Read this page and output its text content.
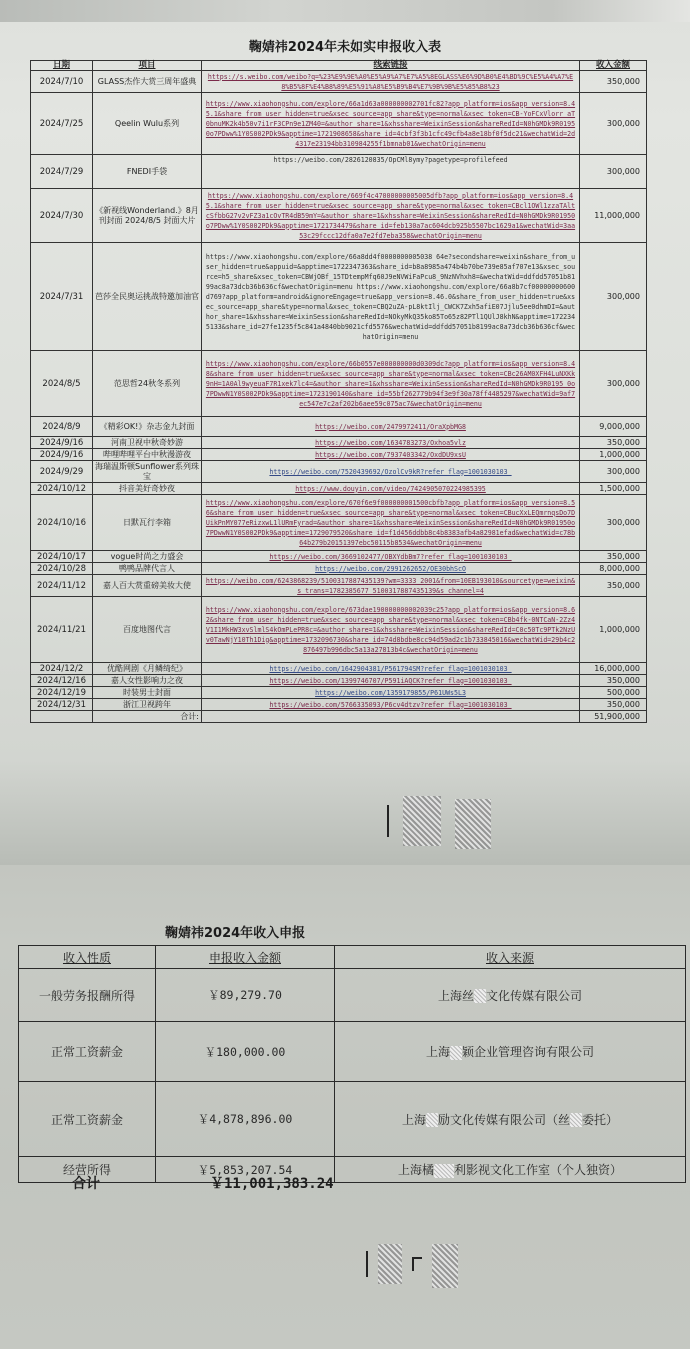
鞠婧祎2024年未如实申报收入表
日期	项目	线索链接	收入金额
2024/7/10	GLASS杰作大赏三周年盛典	https://s.weibo.com/weibo?q=%23%E9%9E%A0%E5%A9%A7%E7%A5%8EGLASS%E6%9D%B0%E4%BD%9C%E5%A4%A7%E8%B5%8F%E4%B8%89%E5%91%A8%E5%B9%B4%E7%9B%9B%E5%85%B8%23	350,000
2024/7/25	Qeelin Wulu系列	https://www.xiaohongshu.com/explore/66a1d63a000000002701fc82?app_platform=ios&app_version=8.45.1&share_from_user_hidden=true&xsec_source=app_share&type=normal&xsec_token=CB-YoFCxVlorr_aT0bnuMK2k4b50v7i1rF3CPn9e1ZM40=&author_share=1&xhsshare=WeixinSession&shareRedId=N0hGMDk9R01950o7PDww%1Y0S002PDk9&apptime=1721908658&share_id=4cbf3f3b1cfc49cfb4a8e18bf0f5dc21&wechatWid=2d4317e23194bb310984255f1bmnab01&wechatOrigin=menu	300,000
2024/7/29	FNEDI手袋	https://weibo.com/2826120835/OpCMl8ymy?pagetype=profilefeed	300,000
2024/7/30	《新视线Wonderland.》8月刊封面 2024/8/5 封面大片	https://www.xiaohongshu.com/explore/669f4c47000000005005dfb?app_platform=ios&app_version=8.45.1&share_from_user_hidden=true&xsec_source=app_share&type=normal&xsec_token=CBcl1OWl1zzaTAltcSfbbG27v2vFZ3a1cOvTR4dB59mY=&author_share=1&xhsshare=WeixinSession&shareRedId=N0hGMDk9R01950o7PDww%1Y0S002PDk9&apptime=1721734479&share_id=feb130a7ac604dcb925b5507bc1629a1&wechatWid=3aa53c29fccc12dfa0a7e2fd7eba358&wechatOrigin=menu	11,000,000
2024/7/31	芭莎全民奥运挑战特邀加油官	https://www.xiaohongshu.com/explore/66a8dd4f0000000005038 64e?secondshare=weixin&share_from_user_hidden=true&appuid=&apptime=1722347363&share_id=b8a8985a474b4b70be739e85af707e13&xsec_source=h5_share&xsec_token=CBWjOBf_15TDtempMfq60J9eNVWiFaPcu8_9NzNVhxh8=&wechatWid=ddfdd57051b8199ac8a73dcb36b636cf&wechatOrigin=menu https://www.xiaohongshu.com/explore/66a8b7cf00000000600d769?app_platform=android&ignoreEngage=true&app_version=8.46.0&share_from_user_hidden=true&xsec_source=app_share&type=normal&xsec_token=CBQ2uZA-pL8ktIlj_CWCK7Zxh5afiE07Jjlu5ee0dhmDI=&author_share=1&xhsshare=WeixinSession&shareRedId=NOkyMkQ35ko85To65z82PTl1QUlJ8khN&apptime=1722345133&share_id=27fe1235f5c841a4840bb9021cfd5576&wechatWid=ddfdd57051b8199ac8a73dcb36b636cf&wechatOrigin=menu	300,000
2024/8/5	范思哲24秋冬系列	https://www.xiaohongshu.com/explore/66b0557e000000000d0309dc?app_platform=ios&app_version=8.48&share_from_user_hidden=true&xsec_source=app_share&type=normal&xsec_token=CBc26AM0XFH4LuNXKk9nH=1A0Al9wyeuaF7R1xek7lc4=&author_share=1&xhsshare=WeixinSession&shareRedId=N0hGMDk9R0195 0o7PDwwN1Y0S002PDk9&apptime=1723190140&share_id=55bf262779b94f3e9f30a78ff4485297&wechatWid=9af7ec547e7c2af202b6aee59c075ac7&wechatOrigin=menu	300,000
2024/8/9	《精彩OK!》杂志金九封面	https://weibo.com/2479972411/OraXpbMG8	9,000,000
2024/9/16	河南卫视中秋奇妙游	https://weibo.com/1634783273/Oxhoa5vlz	350,000
2024/9/16	哔哩哔哩平台中秋漫游夜	https://weibo.com/7937403342/OxdDU9xsU	1,000,000
2024/9/29	海瑞温斯顿Sunflower系列珠宝	https://weibo.com/7520439692/OzolCv9kR?refer_flag=1001030103_	300,000
2024/10/12	抖音美好奇妙夜	https://www.douyin.com/video/7424905070224985395	1,500,000
2024/10/16	日默瓦行李箱	https://www.xiaohongshu.com/explore/670f6e9f000000001500cbfb?app_platform=ios&app_version=8.56&share_from_user_hidden=true&xsec_source=app_share&type=normal&xsec_token=CBucXxLEQmrnqsDo7DUikPnMY077eRizxwL1lURmFyrad=&author_share=1&xhsshare=WeixinSession&shareRedId=N0hGMDk9R01950o7PDwwN1Y0S002PDk9&apptime=1729079520&share_id=f1d456ddbb8c4b8383afb4a82981efad&wechatWid=c78b64b279b20151397ebc50115b8534&wechatOrigin=menu	300,000
2024/10/17	vogue时尚之力盛会	https://weibo.com/3669102477/OBXYdbBm7?refer_flag=1001030103_	350,000
2024/10/28	鸭鸭品牌代言人	https://weibo.com/2991262652/OE30bhScO	8,000,000
2024/11/12	嘉人百大赏重磅美妆大使	https://weibo.com/6243868239/5100317887435139?wm=3333_2001&from=10EB193010&sourcetype=weixin&s_trans=1782385677_5100317887435139&s_channel=4	350,000
2024/11/21	百度地图代言	https://www.xiaohongshu.com/explore/673dae190000000002039c25?app_platform=ios&app_version=8.62&share_from_user_hidden=true&xsec_source=app_share&type=normal&xsec_token=CBb4fk-0NTCaN-2Zz4V1I1MkHW3xvSlmlS4kOmPLePR8c=&author_share=1&xhsshare=WeixinSession&shareRedId=C0c50Tc9PTk2NzUv0TawNjY10Th1Dig&apptime=1732096730&share_id=74d8bdbe8cc94d59ad2c1b733845016&wechatWid=29b4c2876497b996dbc5a13a27813b4c&wechatOrigin=menu	1,000,000
2024/12/2	优酷网剧《月鳞绮纪》	https://weibo.com/1642904381/P561794SM?refer_flag=1001030103_	16,000,000
2024/12/16	嘉人女性影响力之夜	https://weibo.com/1399746707/P591iAQCK?refer_flag=1001030103_	350,000
2024/12/19	时装男士封面	https://weibo.com/1359179855/P61UWs5L3	500,000
2024/12/31	浙江卫视跨年	https://weibo.com/5766335093/P6cv4dtzv?refer_flag=1001030103_	350,000
	合计:		51,900,000
鞠婧祎2024年收入申报
收入性质	申报收入金额	收入来源
一般劳务报酬所得	￥89,279.70	上海丝 文化传媒有限公司
正常工资薪金	￥180,000.00	上海 颖企业管理咨询有限公司
正常工资薪金	￥4,878,896.00	上海 励文化传媒有限公司（丝 委托）
经营所得	￥5,853,207.54	上海橘 利影视文化工作室（个人独资）
合计	￥11,001,383.24
